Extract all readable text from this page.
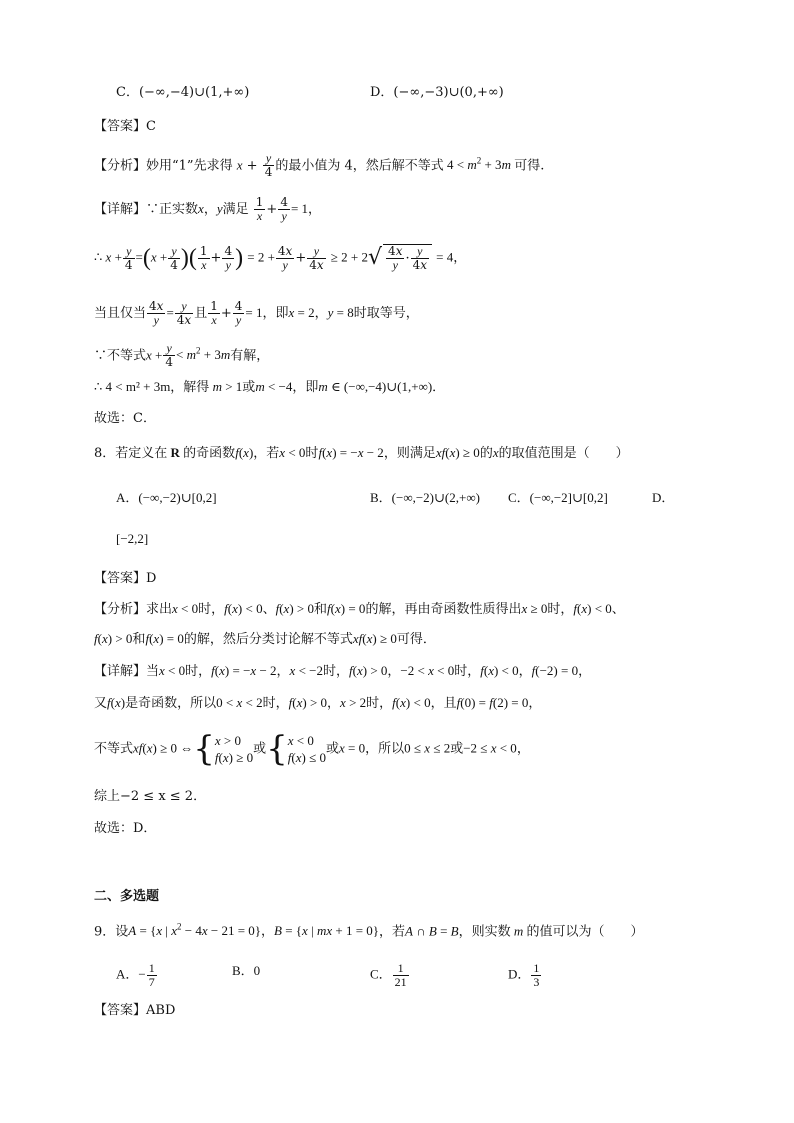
C．(−∞,−4)∪(1,+∞)	D．(−∞,−3)∪(0,+∞)
【答案】C
【分析】妙用“1”先求得 $x + \frac{y}{4}$ 的最小值为 4，然后解不等式 $4 < m^2 + 3m$ 可得.
【详解】∵正实数x，y满足 $\frac{1}{x} + \frac{4}{y} = 1$，
∴ $x + \frac{y}{4} =(x + \frac{y}{4}$ )( $\frac{1}{x} + \frac{4}{y}$ ) = $2 + \frac{4x}{y} + \frac{y}{4x} \ge 2 + 2√ \frac{4x}{y} \cdot \frac{y}{4x} = 4$，
当且仅当 $\frac{4x}{y} = \frac{y}{4x}$ 且 $\frac{1}{x} + \frac{4}{y} = 1$，即x = 2，y = 8时取等号，
∵不等式$x + \frac{y}{4} < m^2 + 3m$有解，
∴ 4 < m² + 3m，解得 m > 1或m < −4，即m ∈ (−∞,−4)∪(1,+∞)．
故选：C．
8．若定义在 R 的奇函数f(x)，若x < 0时f(x) = −x − 2，则满足xf(x) ≥ 0的x的取值范围是（　　）
A．(−∞,−2)∪[0,2]	B．(−∞,−2)∪(2,+∞) C．(−∞,−2]∪[0,2]	D．
[−2,2]
【答案】D
【分析】求出x < 0时，f(x) < 0、f(x) > 0和f(x) = 0的解，再由奇函数性质得出x ≥ 0时，f(x) < 0、
f(x) > 0和f(x) = 0的解，然后分类讨论解不等式xf(x) ≥ 0可得．
【详解】当x < 0时，f(x) = −x − 2，x < −2时，f(x) > 0，−2 < x < 0时，f(x) < 0，f(−2) = 0，
又f(x)是奇函数，所以0 < x < 2时，f(x) > 0，x > 2时，f(x) < 0，且f(0) = f(2) = 0，
不等式xf(x) ≥ 0 ⇔{ x > 0
f(x) ≥ 0
或{ x < 0
f(x) ≤ 0
或x = 0，所以0 ≤ x ≤ 2或−2 ≤ x < 0，
综上−2 ≤ x ≤ 2．
故选：D．
二、多选题
9．设A = {x | $x^2 - 4x - 21 = 0$}，B = {x | mx + 1 = 0}，若A ∩ B = B，则实数 m 的值可以为（　　）
A．− $\frac{1}{7}$	B．0	C． $\frac{1}{21}$	D． $\frac{1}{3}$
【答案】ABD
